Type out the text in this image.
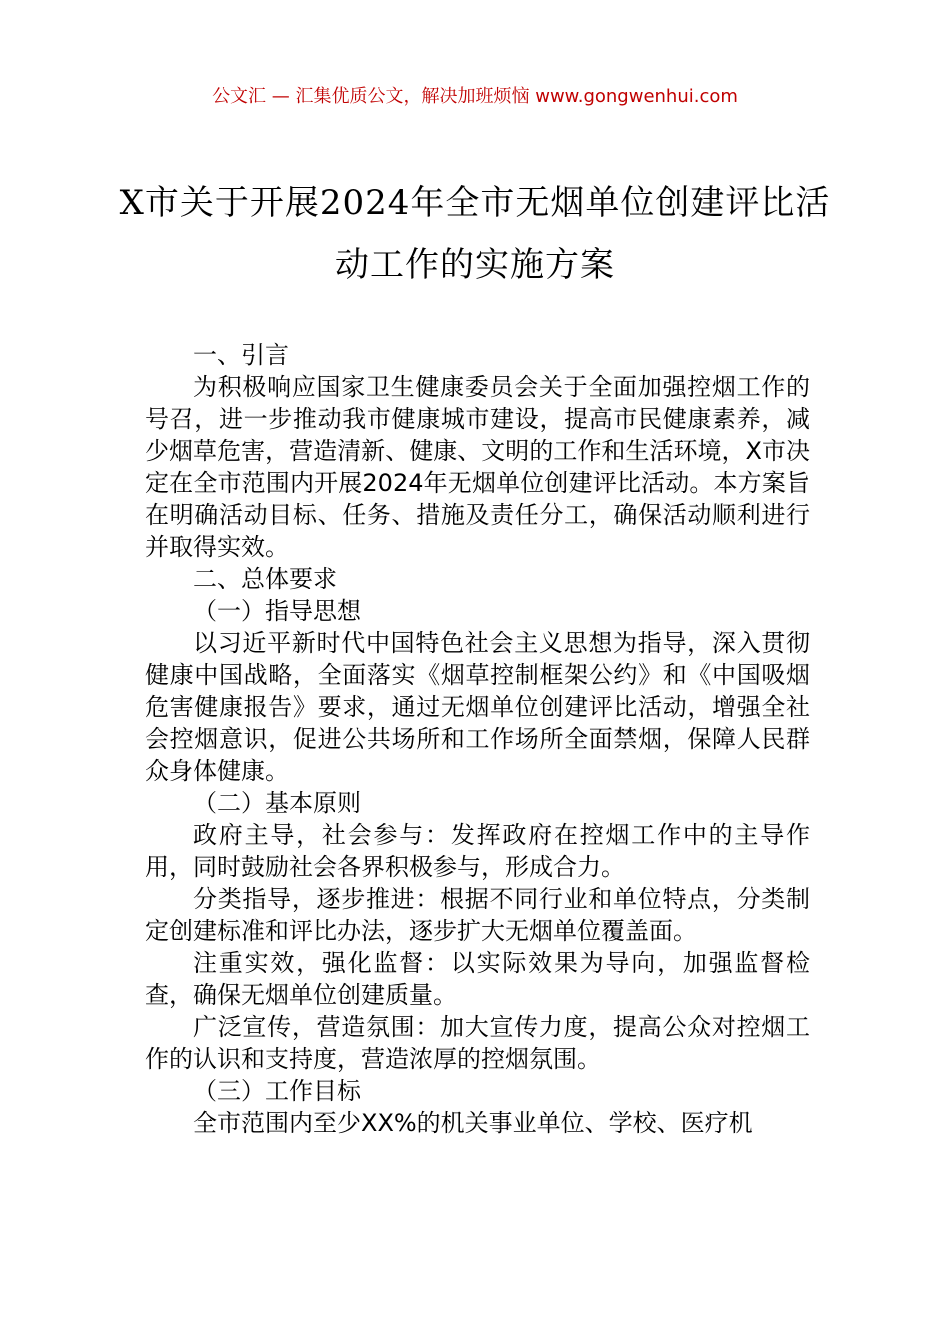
公文汇 — 汇集优质公文，解决加班烦恼 www.gongwenhui.com
X市关于开展2024年全市无烟单位创建评比活动工作的实施方案

一、引言

为积极响应国家卫生健康委员会关于全面加强控烟工作的号召，进一步推动我市健康城市建设，提高市民健康素养，减少烟草危害，营造清新、健康、文明的工作和生活环境，X市决定在全市范围内开展2024年无烟单位创建评比活动。本方案旨在明确活动目标、任务、措施及责任分工，确保活动顺利进行并取得实效。

二、总体要求

（一）指导思想

以习近平新时代中国特色社会主义思想为指导，深入贯彻健康中国战略，全面落实《烟草控制框架公约》和《中国吸烟危害健康报告》要求，通过无烟单位创建评比活动，增强全社会控烟意识，促进公共场所和工作场所全面禁烟，保障人民群众身体健康。

（二）基本原则

政府主导，社会参与：发挥政府在控烟工作中的主导作用，同时鼓励社会各界积极参与，形成合力。

分类指导，逐步推进：根据不同行业和单位特点，分类制定创建标准和评比办法，逐步扩大无烟单位覆盖面。

注重实效，强化监督：以实际效果为导向，加强监督检查，确保无烟单位创建质量。

广泛宣传，营造氛围：加大宣传力度，提高公众对控烟工作的认识和支持度，营造浓厚的控烟氛围。

（三）工作目标

全市范围内至少XX%的机关事业单位、学校、医疗机
